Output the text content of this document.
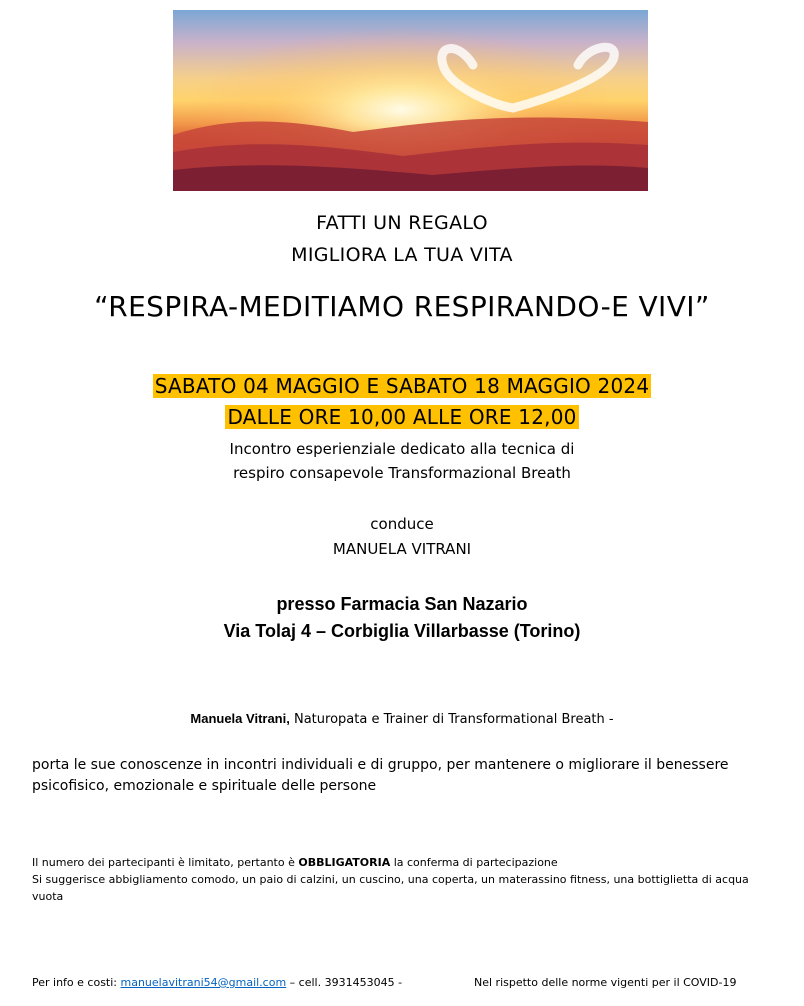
FATTI UN REGALO
MIGLIORA LA TUA VITA
“RESPIRA-MEDITIAMO RESPIRANDO-E VIVI”
SABATO 04 MAGGIO E SABATO 18 MAGGIO 2024
DALLE ORE 10,00 ALLE ORE 12,00
Incontro esperienziale dedicato alla tecnica di
respiro consapevole Transformazional Breath
conduce
MANUELA VITRANI
presso Farmacia San Nazario
Via Tolaj 4 – Corbiglia Villarbasse (Torino)
Manuela Vitrani, Naturopata e Trainer di Transformational Breath -
porta le sue conoscenze in incontri individuali e di gruppo, per mantenere o migliorare il benessere
psicofisico, emozionale e spirituale delle persone
Il numero dei partecipanti è limitato, pertanto è OBBLIGATORIA la conferma di partecipazione
Si suggerisce abbigliamento comodo, un paio di calzini, un cuscino, una coperta, un materassino fitness, una bottiglietta di acqua
vuota
Per info e costi: manuelavitrani54@gmail.com – cell. 3931453045 -	Nel rispetto delle norme vigenti per il COVID-19
